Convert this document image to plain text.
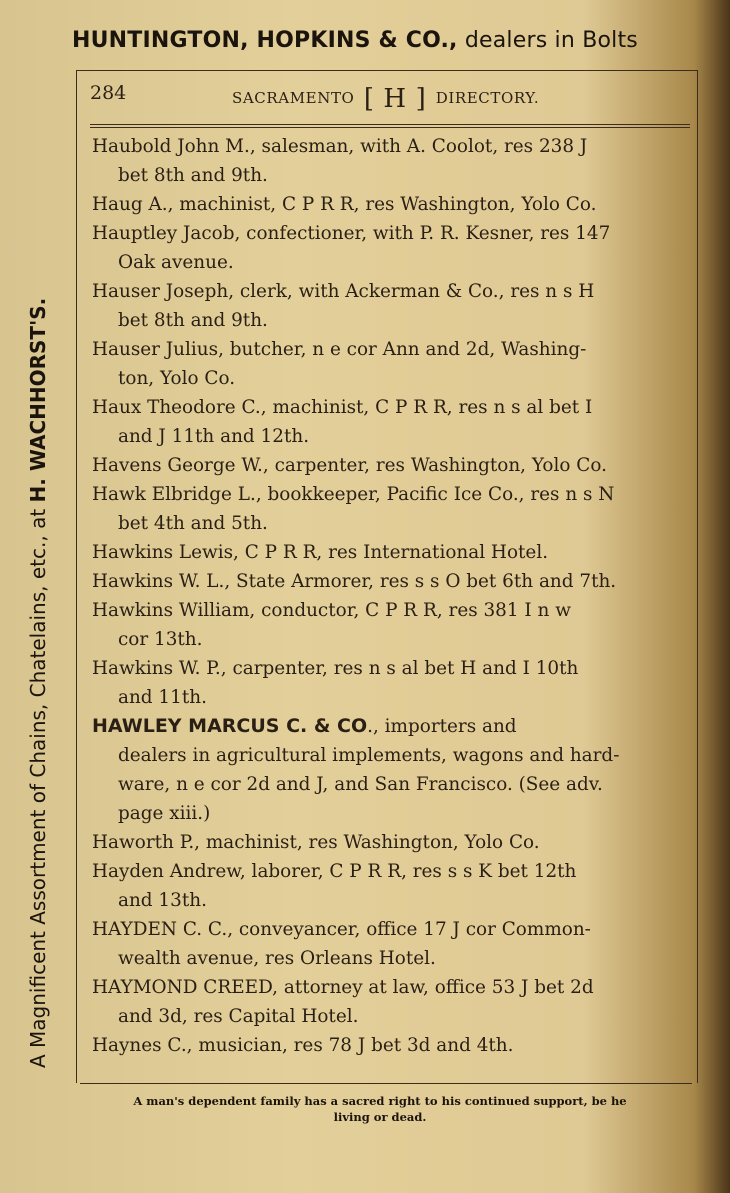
HUNTINGTON, HOPKINS & CO., dealers in Bolts
A Magnificent Assortment of Chains, Chatelains, etc., at H. WACHHORST'S.
284	SACRAMENTO [ H ] DIRECTORY.
Haubold John M., salesman, with A. Coolot, res 238 J
bet 8th and 9th.
Haug A., machinist, C P R R, res Washington, Yolo Co.
Hauptley Jacob, confectioner, with P. R. Kesner, res 147
Oak avenue.
Hauser Joseph, clerk, with Ackerman & Co., res n s H
bet 8th and 9th.
Hauser Julius, butcher, n e cor Ann and 2d, Washing-
ton, Yolo Co.
Haux Theodore C., machinist, C P R R, res n s al bet I
and J 11th and 12th.
Havens George W., carpenter, res Washington, Yolo Co.
Hawk Elbridge L., bookkeeper, Pacific Ice Co., res n s N
bet 4th and 5th.
Hawkins Lewis, C P R R, res International Hotel.
Hawkins W. L., State Armorer, res s s O bet 6th and 7th.
Hawkins William, conductor, C P R R, res 381 I n w
cor 13th.
Hawkins W. P., carpenter, res n s al bet H and I 10th
and 11th.
HAWLEY MARCUS C. & CO., importers and
dealers in agricultural implements, wagons and hard-
ware, n e cor 2d and J, and San Francisco. (See adv.
page xiii.)
Haworth P., machinist, res Washington, Yolo Co.
Hayden Andrew, laborer, C P R R, res s s K bet 12th
and 13th.
HAYDEN C. C., conveyancer, office 17 J cor Common-
wealth avenue, res Orleans Hotel.
HAYMOND CREED, attorney at law, office 53 J bet 2d
and 3d, res Capital Hotel.
Haynes C., musician, res 78 J bet 3d and 4th.
A man's dependent family has a sacred right to his continued support, be he
living or dead.
